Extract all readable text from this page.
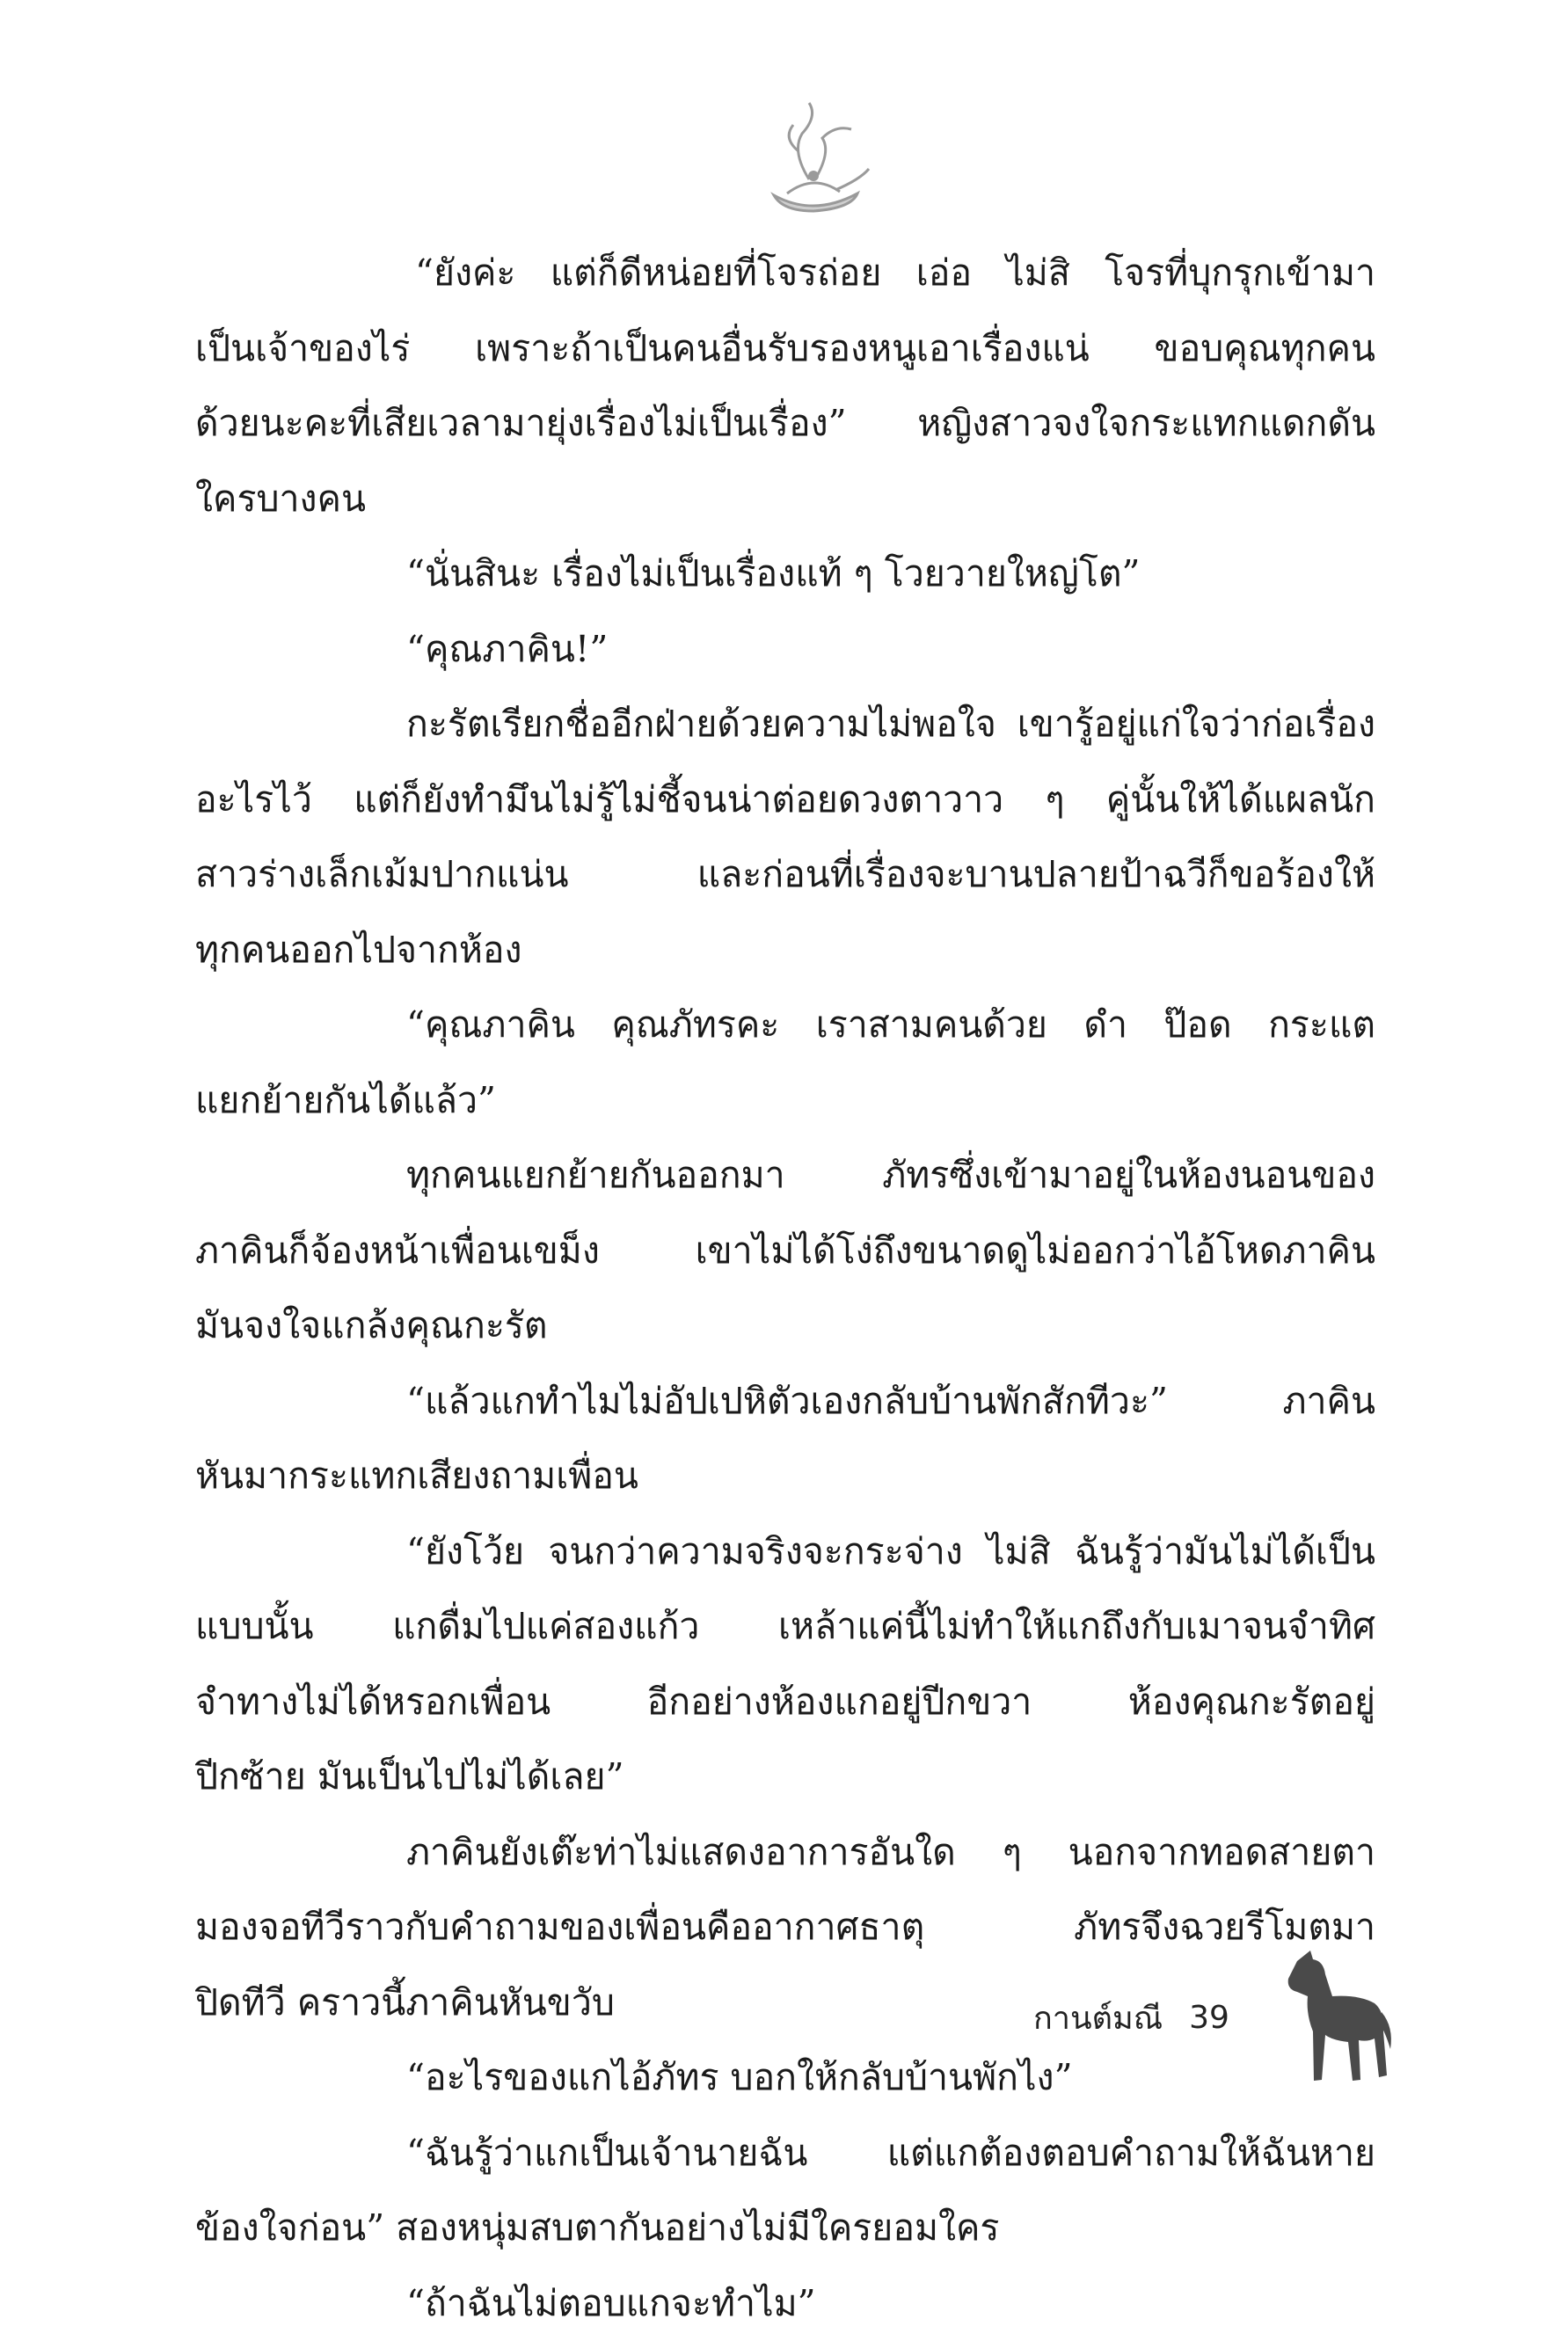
“ยังค่ะ แต่ก็ดีหน่อยที่โจรถ่อย เอ่อ ไม่สิ โจรที่บุกรุกเข้ามา
เป็นเจ้าของไร่ เพราะถ้าเป็นคนอื่นรับรองหนูเอาเรื่องแน่ ขอบคุณทุกคน
ด้วยนะคะที่เสียเวลามายุ่งเรื่องไม่เป็นเรื่อง” หญิงสาวจงใจกระแทกแดกดัน
ใครบางคน
“นั่นสินะ เรื่องไม่เป็นเรื่องแท้ ๆ โวยวายใหญ่โต”
“คุณภาคิน!”
กะรัตเรียกชื่ออีกฝ่ายด้วยความไม่พอใจ เขารู้อยู่แก่ใจว่าก่อเรื่อง
อะไรไว้ แต่ก็ยังทำมึนไม่รู้ไม่ชี้จนน่าต่อยดวงตาวาว ๆ คู่นั้นให้ได้แผลนัก
สาวร่างเล็กเม้มปากแน่น และก่อนที่เรื่องจะบานปลายป้าฉวีก็ขอร้องให้
ทุกคนออกไปจากห้อง
“คุณภาคิน คุณภัทรคะ เราสามคนด้วย ดำ ป๊อด กระแต
แยกย้ายกันได้แล้ว”
ทุกคนแยกย้ายกันออกมา ภัทรซึ่งเข้ามาอยู่ในห้องนอนของ
ภาคินก็จ้องหน้าเพื่อนเขม็ง เขาไม่ได้โง่ถึงขนาดดูไม่ออกว่าไอ้โหดภาคิน
มันจงใจแกล้งคุณกะรัต
“แล้วแกทำไมไม่อัปเปหิตัวเองกลับบ้านพักสักทีวะ” ภาคิน
หันมากระแทกเสียงถามเพื่อน
“ยังโว้ย จนกว่าความจริงจะกระจ่าง ไม่สิ ฉันรู้ว่ามันไม่ได้เป็น
แบบนั้น แกดื่มไปแค่สองแก้ว เหล้าแค่นี้ไม่ทำให้แกถึงกับเมาจนจำทิศ
จำทางไม่ได้หรอกเพื่อน อีกอย่างห้องแกอยู่ปีกขวา ห้องคุณกะรัตอยู่
ปีกซ้าย มันเป็นไปไม่ได้เลย”
ภาคินยังเต๊ะท่าไม่แสดงอาการอันใด ๆ นอกจากทอดสายตา
มองจอทีวีราวกับคำถามของเพื่อนคืออากาศธาตุ ภัทรจึงฉวยรีโมตมา
ปิดทีวี คราวนี้ภาคินหันขวับ
“อะไรของแกไอ้ภัทร บอกให้กลับบ้านพักไง”
“ฉันรู้ว่าแกเป็นเจ้านายฉัน แต่แกต้องตอบคำถามให้ฉันหาย
ข้องใจก่อน” สองหนุ่มสบตากันอย่างไม่มีใครยอมใคร
“ถ้าฉันไม่ตอบแกจะทำไม”
กานต์มณี 39
